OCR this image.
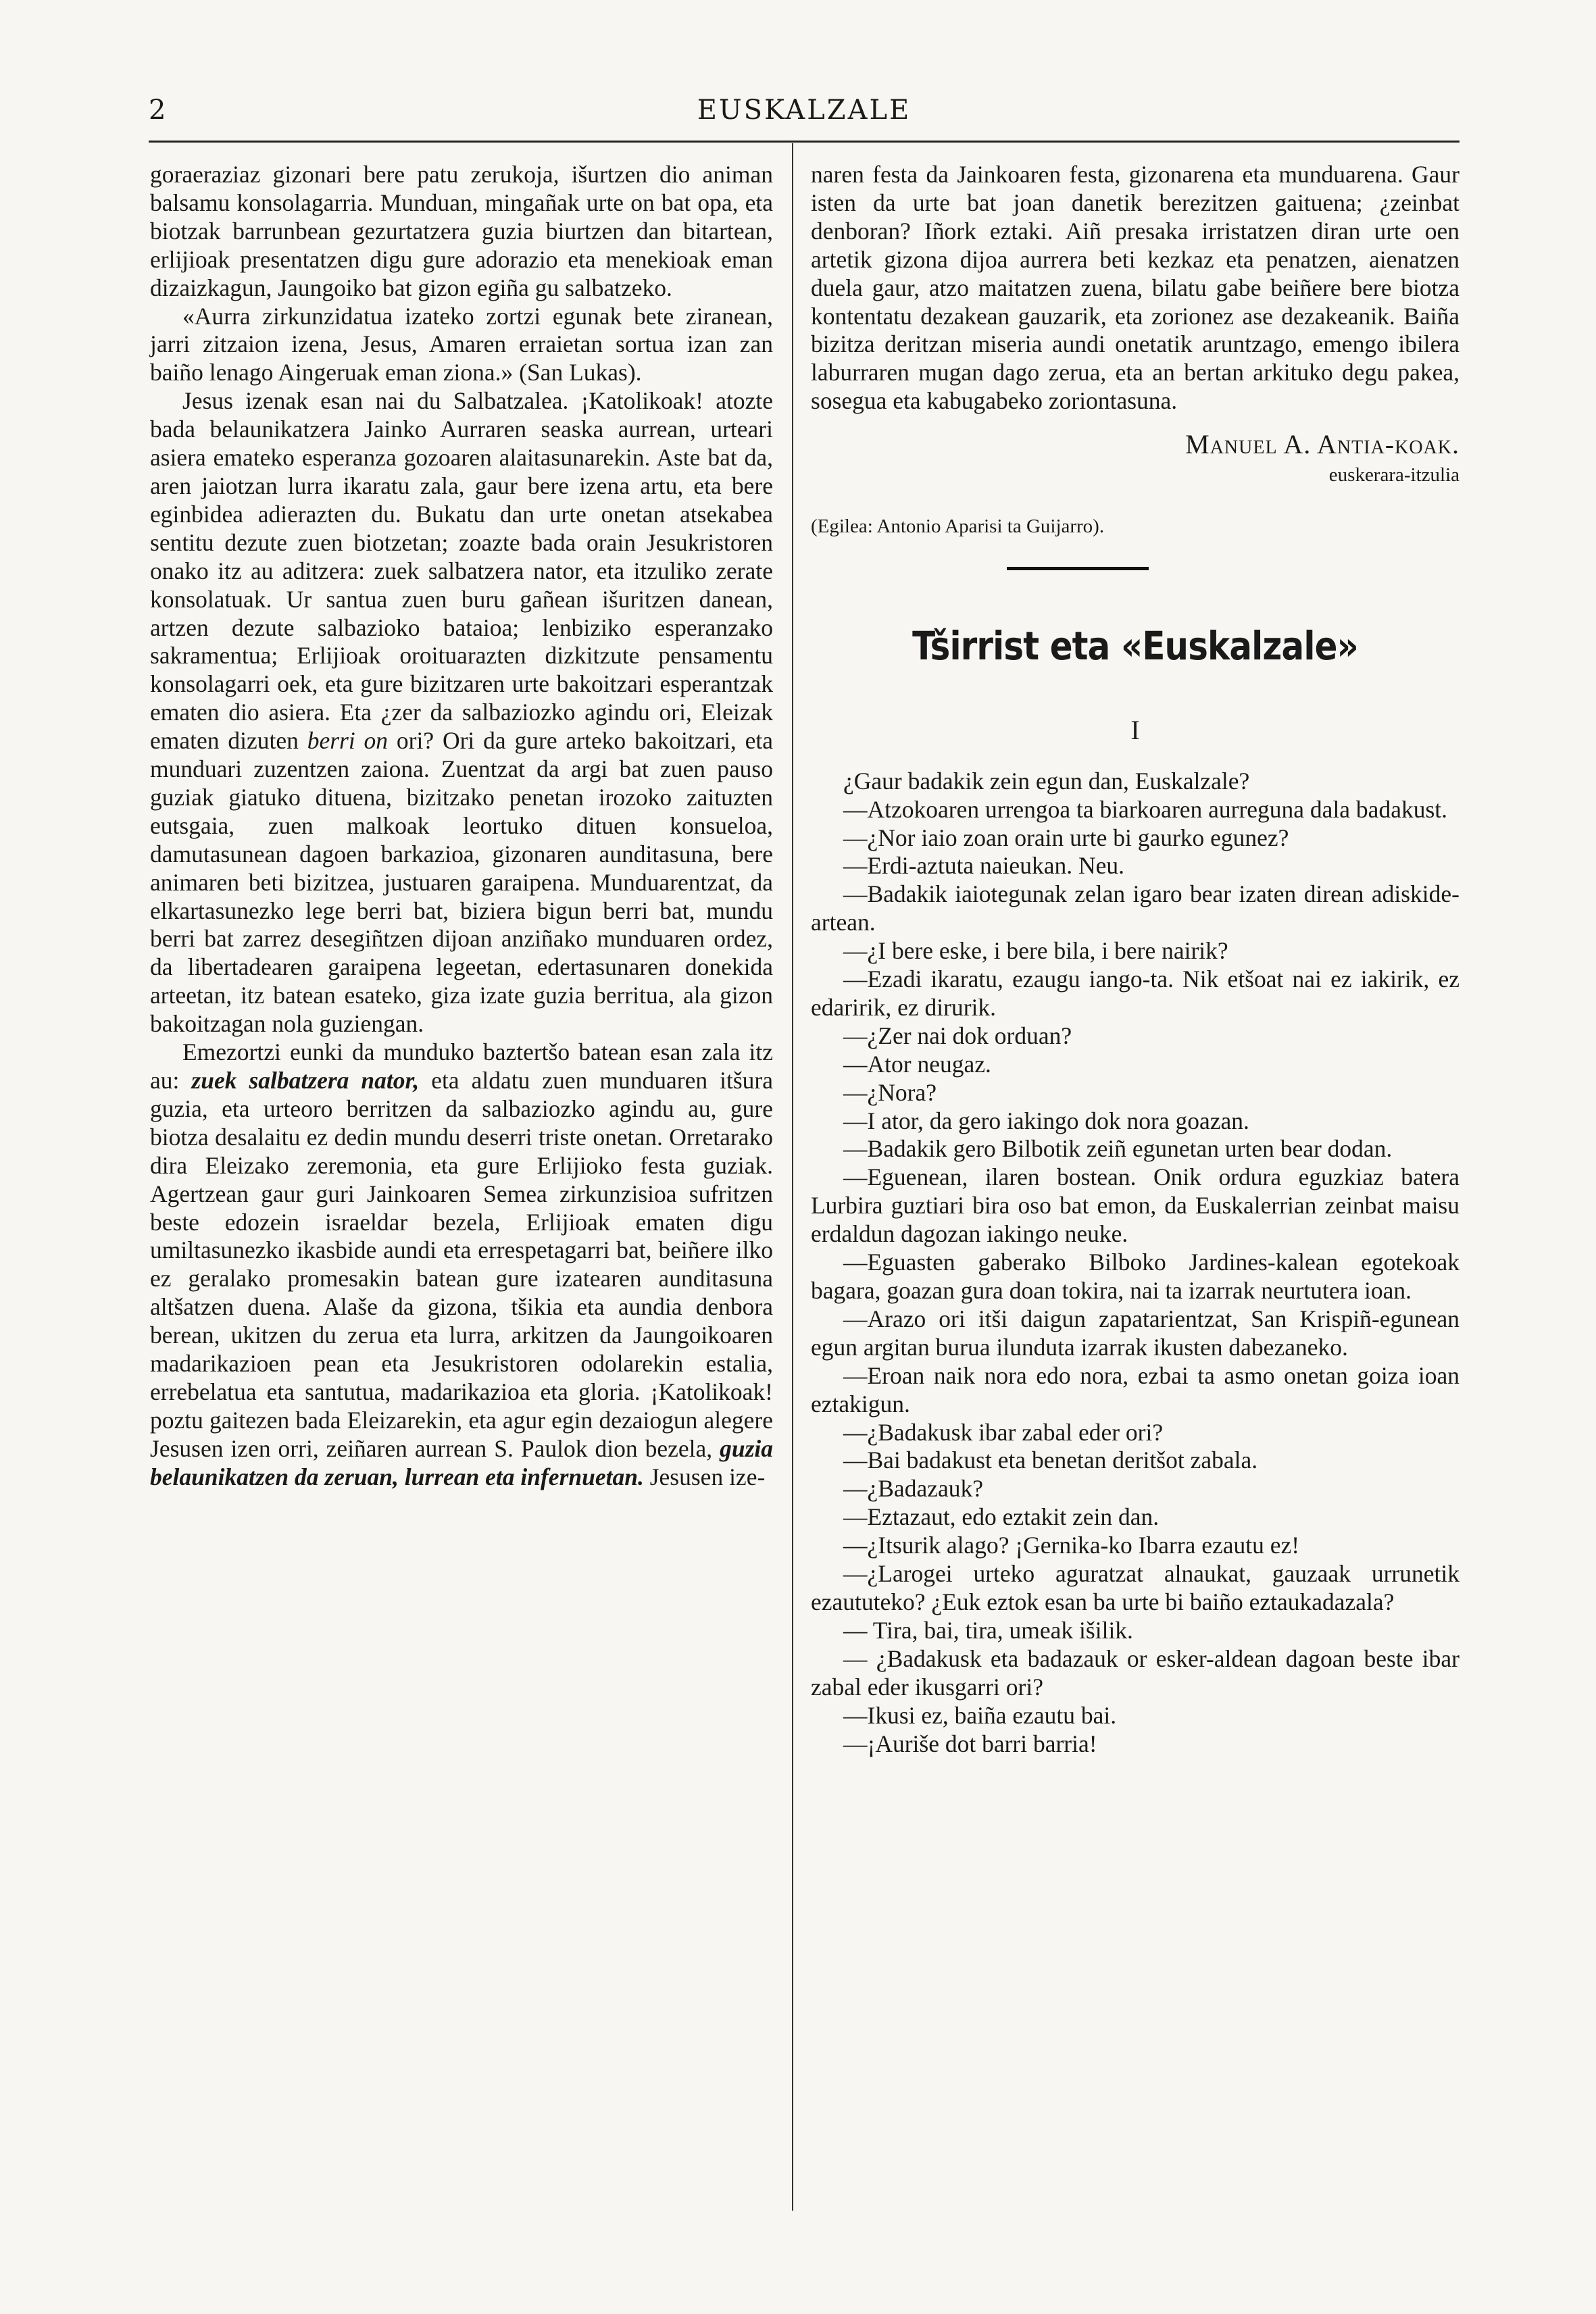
2	EUSKALZALE

goraeraziaz gizonari bere patu zerukoja, išurtzen dio animan balsamu konsolagarria. Munduan, mingañak urte on bat opa, eta biotzak barrunbean gezurtatzera guzia biurtzen dan bitartean, erlijioak presentatzen digu gure adorazio eta menekioak eman dizaizkagun, Jaungoiko bat gizon egiña gu salbatzeko.

«Aurra zirkunzidatua izateko zortzi egunak bete ziranean, jarri zitzaion izena, Jesus, Amaren erraietan sortua izan zan baiño lenago Aingeruak eman ziona.» (San Lukas).

Jesus izenak esan nai du Salbatzalea. ¡Katolikoak! atozte bada belaunikatzera Jainko Aurraren seaska aurrean, urteari asiera emateko esperanza gozoaren alaitasunarekin. Aste bat da, aren jaiotzan lurra ikaratu zala, gaur bere izena artu, eta bere eginbidea adierazten du. Bukatu dan urte onetan atsekabea sentitu dezute zuen biotzetan; zoazte bada orain Jesukristoren onako itz au aditzera: zuek salbatzera nator, eta itzuliko zerate konsolatuak. Ur santua zuen buru gañean išuritzen danean, artzen dezute salbazioko bataioa; lenbiziko esperanzako sakramentua; Erlijioak oroituarazten dizkitzute pensamentu konsolagarri oek, eta gure bizitzaren urte bakoitzari esperantzak ematen dio asiera. Eta ¿zer da salbaziozko agindu ori, Eleizak ematen dizuten berri on ori? Ori da gure arteko bakoitzari, eta munduari zuzentzen zaiona. Zuentzat da argi bat zuen pauso guziak giatuko dituena, bizitzako penetan irozoko zaituzten eutsgaia, zuen malkoak leortuko dituen konsueloa, damutasunean dagoen barkazioa, gizonaren aunditasuna, bere animaren beti bizitzea, justuaren garaipena. Munduarentzat, da elkartasunezko lege berri bat, biziera bigun berri bat, mundu berri bat zarrez desegiñtzen dijoan anziñako munduaren ordez, da libertadearen garaipena legeetan, edertasunaren donekida arteetan, itz batean esateko, giza izate guzia berritua, ala gizon bakoitzagan nola guziengan.

Emezortzi eunki da munduko baztertšo batean esan zala itz au: zuek salbatzera nator, eta aldatu zuen munduaren itšura guzia, eta urteoro berritzen da salbaziozko agindu au, gure biotza desalaitu ez dedin mundu deserri triste onetan. Orretarako dira Eleizako zeremonia, eta gure Erlijioko festa guziak. Agertzean gaur guri Jainkoaren Semea zirkunzisioa sufritzen beste edozein israeldar bezela, Erlijioak ematen digu umiltasunezko ikasbide aundi eta errespetagarri bat, beiñere ilko ez geralako promesakin batean gure izatearen aunditasuna altšatzen duena. Alaše da gizona, tšikia eta aundia denbora berean, ukitzen du zerua eta lurra, arkitzen da Jaungoikoaren madarikazioen pean eta Jesukristoren odolarekin estalia, errebelatua eta santutua, madarikazioa eta gloria. ¡Katolikoak! poztu gaitezen bada Eleizarekin, eta agur egin dezaiogun alegere Jesusen izen orri, zeiñaren aurrean S. Paulok dion bezela, guzia belaunikatzen da zeruan, lurrean eta infernuetan. Jesusen ize-

naren festa da Jainkoaren festa, gizonarena eta munduarena. Gaur isten da urte bat joan danetik berezitzen gaituena; ¿zeinbat denboran? Iñork eztaki. Aiñ presaka irristatzen diran urte oen artetik gizona dijoa aurrera beti kezkaz eta penatzen, aienatzen duela gaur, atzo maitatzen zuena, bilatu gabe beiñere bere biotza kontentatu dezakean gauzarik, eta zorionez ase dezakeanik. Baiña bizitza deritzan miseria aundi onetatik aruntzago, emengo ibilera laburraren mugan dago zerua, eta an bertan arkituko degu pakea, sosegua eta kabugabeko zoriontasuna.

Manuel A. Antia-koak.
euskerara-itzulia
(Egilea: Antonio Aparisi ta Guijarro).
Tširrist eta «Euskalzale»
I

¿Gaur badakik zein egun dan, Euskalzale?

—Atzokoaren urrengoa ta biarkoaren aurreguna dala badakust.

—¿Nor iaio zoan orain urte bi gaurko egunez?

—Erdi-aztuta naieukan. Neu.

—Badakik iaiotegunak zelan igaro bear izaten direan adiskide-artean.

—¿I bere eske, i bere bila, i bere nairik?

—Ezadi ikaratu, ezaugu iango-ta. Nik etšoat nai ez iakirik, ez edaririk, ez dirurik.

—¿Zer nai dok orduan?

—Ator neugaz.

—¿Nora?

—I ator, da gero iakingo dok nora goazan.

—Badakik gero Bilbotik zeiñ egunetan urten bear dodan.

—Eguenean, ilaren bostean. Onik ordura eguzkiaz batera Lurbira guztiari bira oso bat emon, da Euskalerrian zeinbat maisu erdaldun dagozan iakingo neuke.

—Eguasten gaberako Bilboko Jardines-kalean egotekoak bagara, goazan gura doan tokira, nai ta izarrak neurtutera ioan.

—Arazo ori itši daigun zapatarientzat, San Krispiñ-egunean egun argitan burua ilunduta izarrak ikusten dabezaneko.

—Eroan naik nora edo nora, ezbai ta asmo onetan goiza ioan eztakigun.

—¿Badakusk ibar zabal eder ori?

—Bai badakust eta benetan deritšot zabala.

—¿Badazauk?

—Eztazaut, edo eztakit zein dan.

—¿Itsurik alago? ¡Gernika-ko Ibarra ezautu ez!

—¿Larogei urteko aguratzat alnaukat, gauzaak urrunetik ezaututeko? ¿Euk eztok esan ba urte bi baiño eztaukadazala?

— Tira, bai, tira, umeak išilik.

— ¿Badakusk eta badazauk or esker-aldean dagoan beste ibar zabal eder ikusgarri ori?

—Ikusi ez, baiña ezautu bai.

—¡Auriše dot barri barria!
